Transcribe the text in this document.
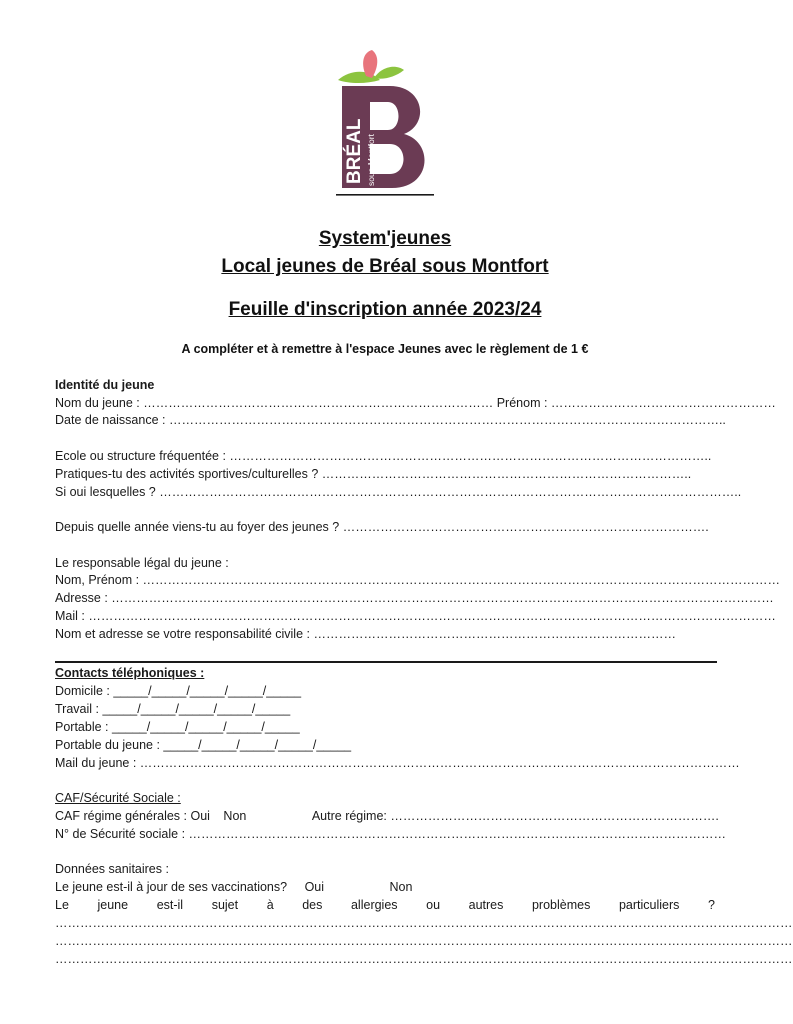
BRÉAL sous-Montfort
System'jeunes
Local jeunes de Bréal sous Montfort
Feuille d'inscription année 2023/24
A compléter et à remettre à l'espace Jeunes avec le règlement de 1 €
Identité du jeune
Nom du jeune : ………………………………………………………………………… Prénom : ………………………………………………
Date de naissance : ……………………………………………………………………………………………………………………..
Ecole ou structure fréquentée : ……………………………………………………………………………………………………..
Pratiques-tu des activités sportives/culturelles ? ……………………………………………………………………………..
Si oui lesquelles ? …………………………………………………………………………………………………………………………..
Depuis quelle année viens-tu au foyer des jeunes ? …………………………………………………………………………….
Le responsable légal du jeune :
Nom, Prénom : ………………………………………………………………………………………………………………………………………
Adresse : ……………………………………………………………………………………………………………………………………………
Mail : …………………………………………………………………………………………………………………………………………………
Nom et adresse se votre responsabilité civile : ……………………………………………………………………………
Contacts téléphoniques :
Domicile : _____/_____/_____/_____/_____
Travail : _____/_____/_____/_____/_____
Portable : _____/_____/_____/_____/_____
Portable du jeune : _____/_____/_____/_____/_____
Mail du jeune : ………………………………………………………………………………………………………………………………
CAF/Sécurité Sociale :
CAF régime générales : Oui Non	Autre régime: …………………………………………………………………….
N° de Sécurité sociale : …………………………………………………………………………………………………………………
Données sanitaires :
Le jeune est-il à jour de ses vaccinations? Oui	Non
Le jeune est-il sujet à des allergies ou autres problèmes particuliers ?
……………………………………………………………………………………………………………………………………………………………
……………………………………………………………………………………………………………………………………………………………
……………………………………………………………………………………………………………………………………………………………
